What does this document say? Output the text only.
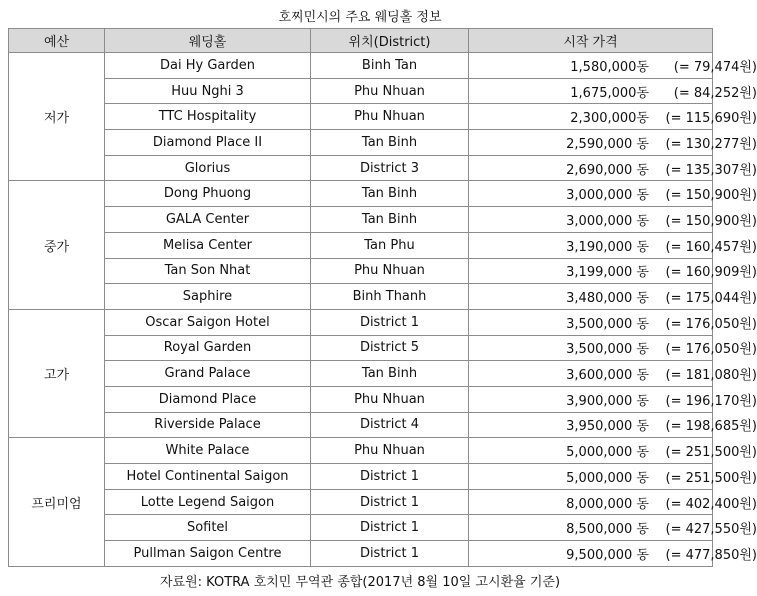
호찌민시의 주요 웨딩홀 정보
예산	웨딩홀	위치(District)	시작 가격
저가	Dai Hy Garden	Binh Tan	1,580,000동 (= 79,474원)
	Huu Nghi 3	Phu Nhuan	1,675,000동 (= 84,252원)
	TTC Hospitality	Phu Nhuan	2,300,000동 (= 115,690원)
	Diamond Place II	Tan Binh	2,590,000 동 (= 130,277원)
	Glorius	District 3	2,690,000 동 (= 135,307원)
중가	Dong Phuong	Tan Binh	3,000,000 동 (= 150,900원)
	GALA Center	Tan Binh	3,000,000 동 (= 150,900원)
	Melisa Center	Tan Phu	3,190,000 동 (= 160,457원)
	Tan Son Nhat	Phu Nhuan	3,199,000 동 (= 160,909원)
	Saphire	Binh Thanh	3,480,000 동 (= 175,044원)
고가	Oscar Saigon Hotel	District 1	3,500,000 동 (= 176,050원)
	Royal Garden	District 5	3,500,000 동 (= 176,050원)
	Grand Palace	Tan Binh	3,600,000 동 (= 181,080원)
	Diamond Place	Phu Nhuan	3,900,000 동 (= 196,170원)
	Riverside Palace	District 4	3,950,000 동 (= 198,685원)
프리미엄	White Palace	Phu Nhuan	5,000,000 동 (= 251,500원)
	Hotel Continental Saigon	District 1	5,000,000 동 (= 251,500원)
	Lotte Legend Saigon	District 1	8,000,000 동 (= 402,400원)
	Sofitel	District 1	8,500,000 동 (= 427,550원)
	Pullman Saigon Centre	District 1	9,500,000 동 (= 477,850원)
자료원: KOTRA 호치민 무역관 종합(2017년 8월 10일 고시환율 기준)
